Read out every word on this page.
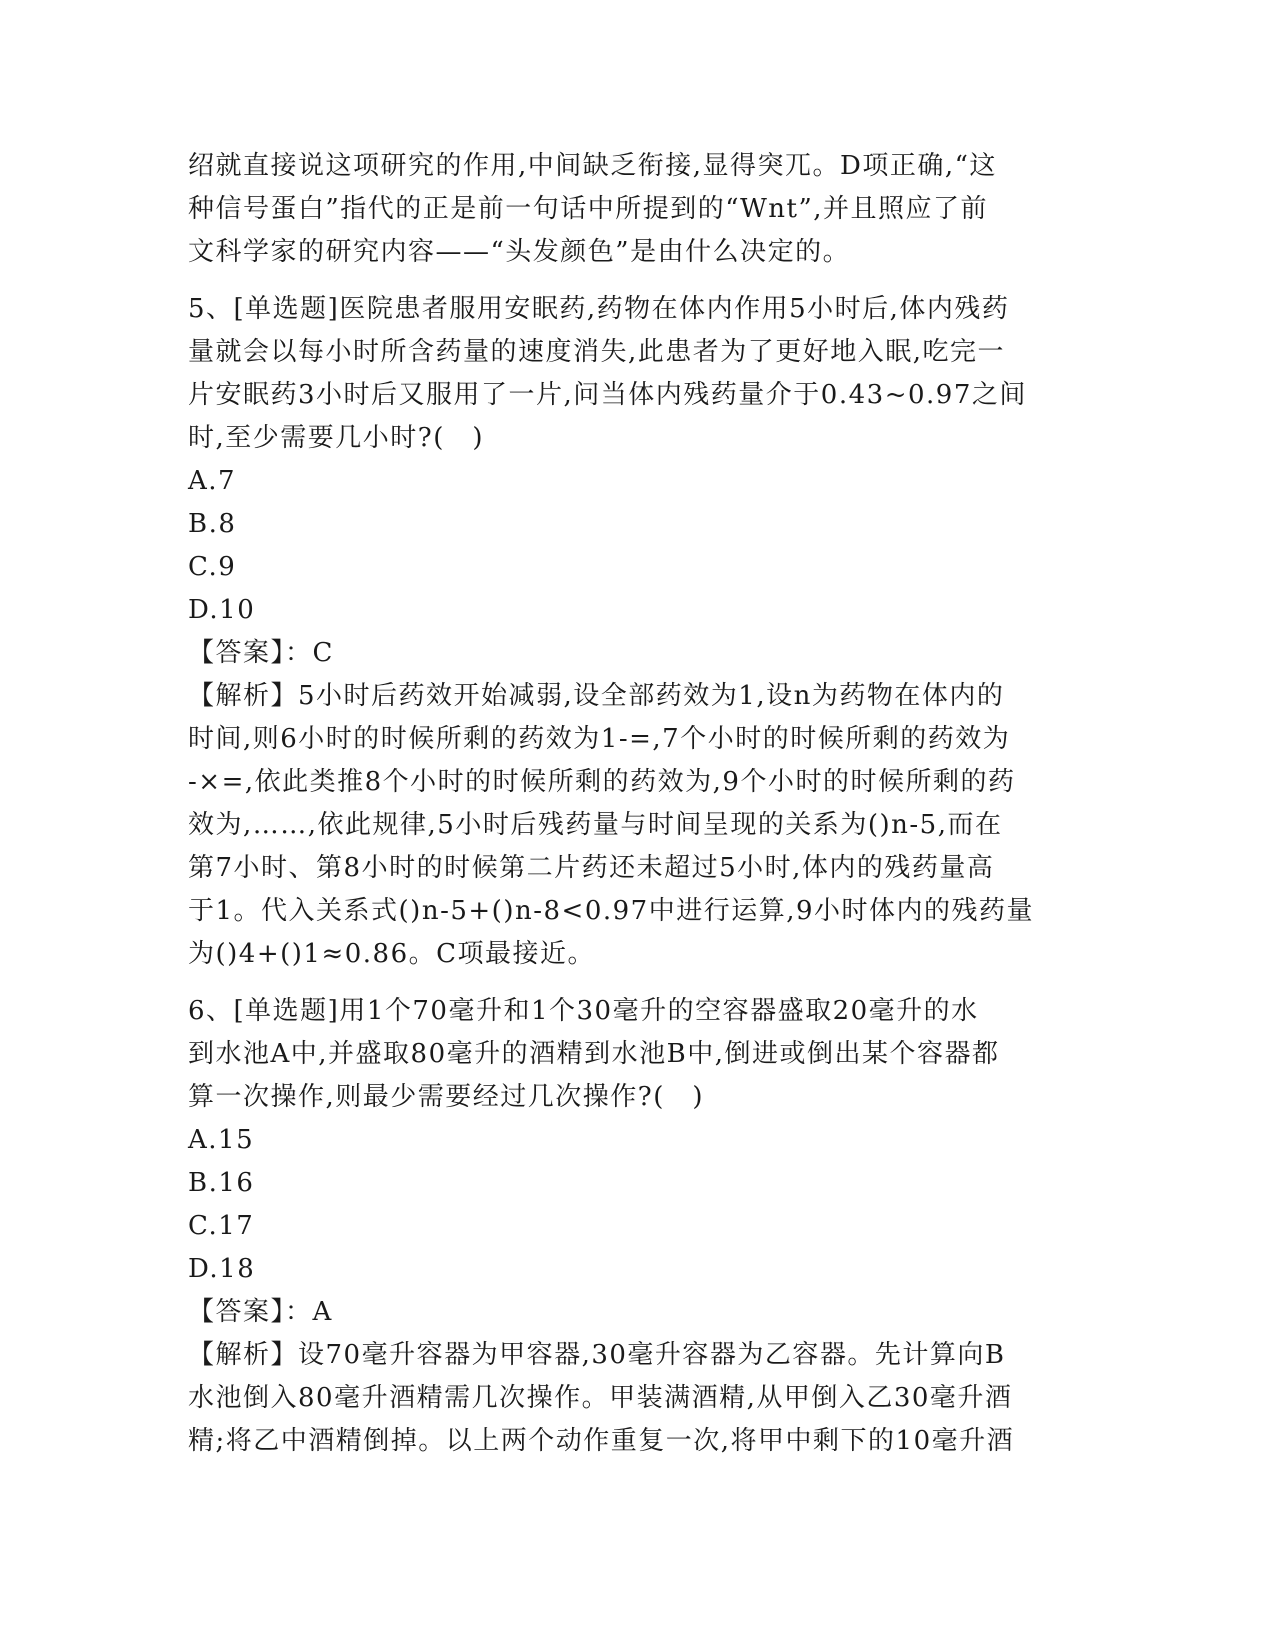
绍就直接说这项研究的作用,中间缺乏衔接,显得突兀。D项正确,“这
种信号蛋白”指代的正是前一句话中所提到的“Wnt”,并且照应了前
文科学家的研究内容——“头发颜色”是由什么决定的。
5、[单选题]医院患者服用安眠药,药物在体内作用5小时后,体内残药
量就会以每小时所含药量的速度消失,此患者为了更好地入眠,吃完一
片安眠药3小时后又服用了一片,问当体内残药量介于0.43~0.97之间
时,至少需要几小时?(　)
A.7
B.8
C.9
D.10
【答案】：C
【解析】5小时后药效开始减弱,设全部药效为1,设n为药物在体内的
时间,则6小时的时候所剩的药效为1-=,7个小时的时候所剩的药效为
-×=,依此类推8个小时的时候所剩的药效为,9个小时的时候所剩的药
效为,……,依此规律,5小时后残药量与时间呈现的关系为()n-5,而在
第7小时、第8小时的时候第二片药还未超过5小时,体内的残药量高
于1。代入关系式()n-5+()n-8<0.97中进行运算,9小时体内的残药量
为()4+()1≈0.86。C项最接近。
6、[单选题]用1个70毫升和1个30毫升的空容器盛取20毫升的水
到水池A中,并盛取80毫升的酒精到水池B中,倒进或倒出某个容器都
算一次操作,则最少需要经过几次操作?(　)
A.15
B.16
C.17
D.18
【答案】：A
【解析】设70毫升容器为甲容器,30毫升容器为乙容器。先计算向B
水池倒入80毫升酒精需几次操作。甲装满酒精,从甲倒入乙30毫升酒
精;将乙中酒精倒掉。以上两个动作重复一次,将甲中剩下的10毫升酒
